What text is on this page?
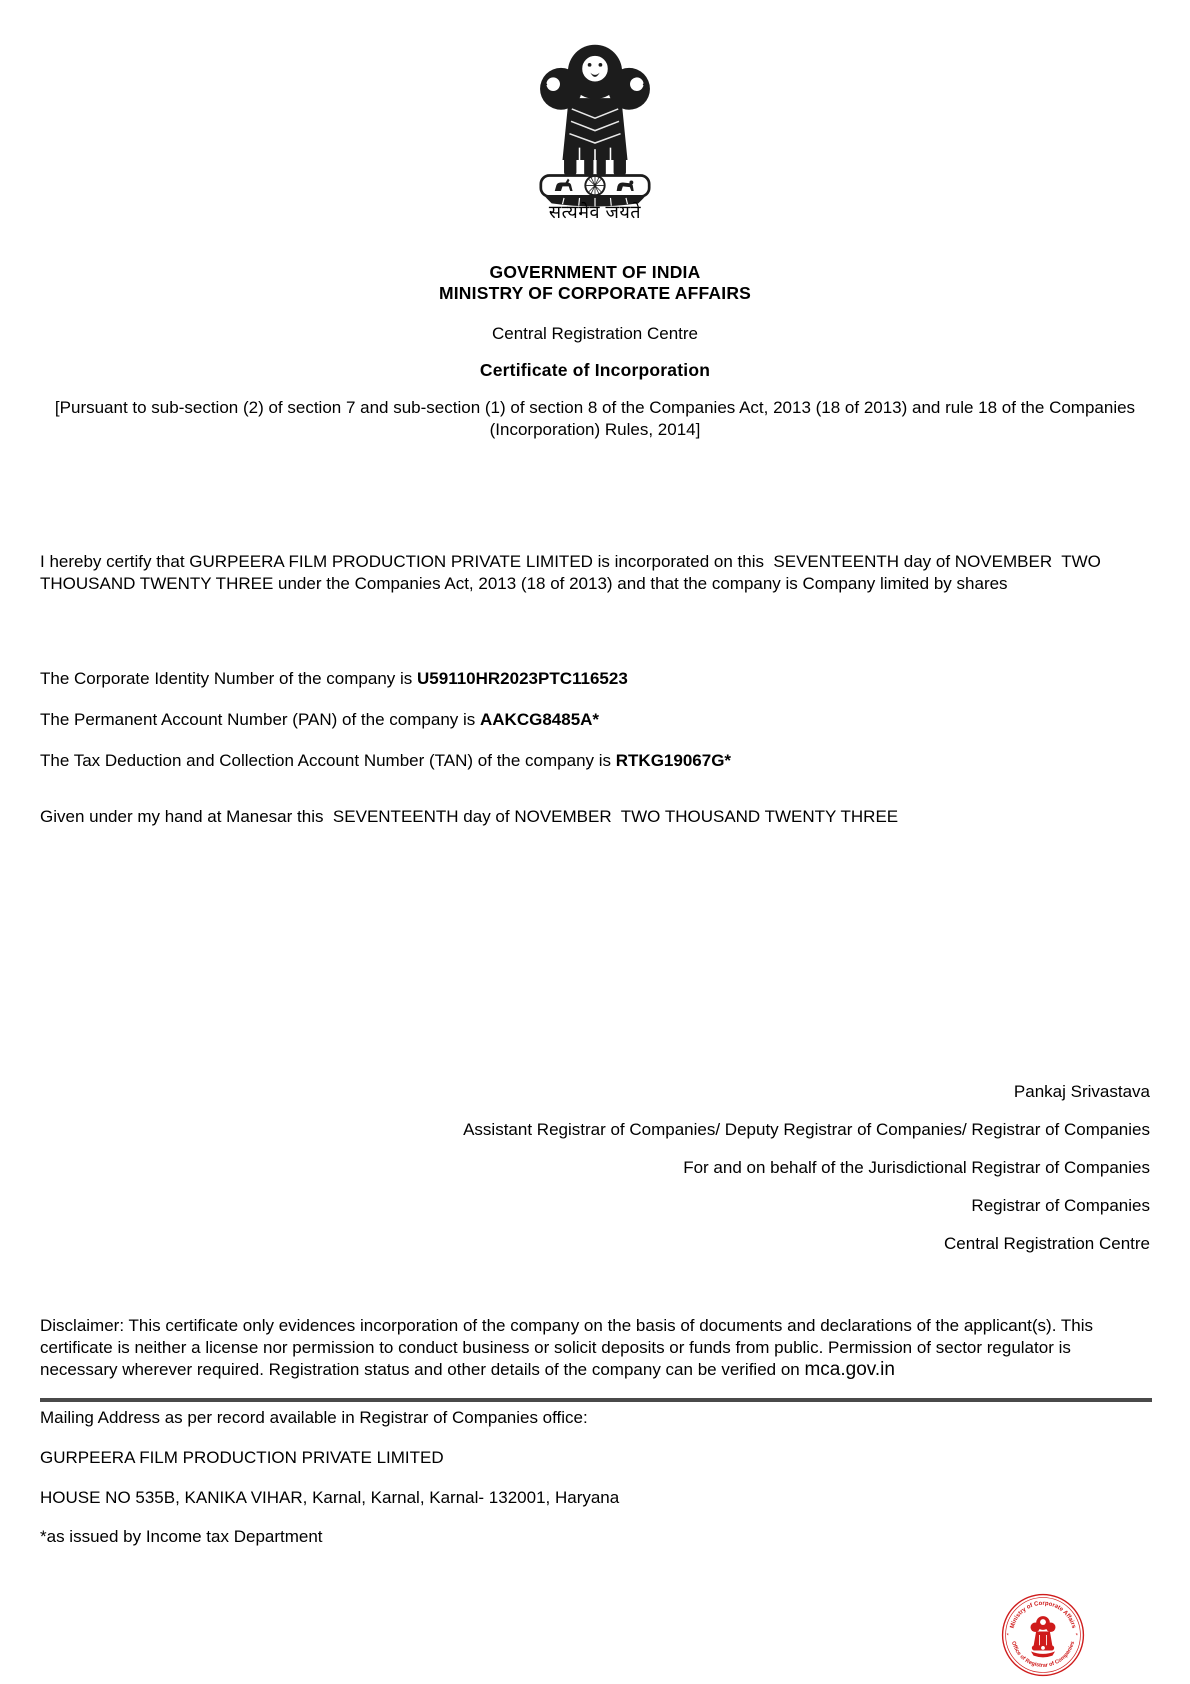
सत्यमेव जयते
GOVERNMENT OF INDIA
MINISTRY OF CORPORATE AFFAIRS
Central Registration Centre
Certificate of Incorporation
[Pursuant to sub-section (2) of section 7 and sub-section (1) of section 8 of the Companies Act, 2013 (18 of 2013) and rule 18 of the Companies (Incorporation) Rules, 2014]
I hereby certify that GURPEERA FILM PRODUCTION PRIVATE LIMITED is incorporated on this  SEVENTEENTH day of NOVEMBER  TWO THOUSAND TWENTY THREE under the Companies Act, 2013 (18 of 2013) and that the company is Company limited by shares
The Corporate Identity Number of the company is U59110HR2023PTC116523
The Permanent Account Number (PAN) of the company is AAKCG8485A*
The Tax Deduction and Collection Account Number (TAN) of the company is RTKG19067G*
Given under my hand at Manesar this  SEVENTEENTH day of NOVEMBER  TWO THOUSAND TWENTY THREE
Pankaj Srivastava
Assistant Registrar of Companies/ Deputy Registrar of Companies/ Registrar of Companies
For and on behalf of the Jurisdictional Registrar of Companies
Registrar of Companies
Central Registration Centre
Disclaimer: This certificate only evidences incorporation of the company on the basis of documents and declarations of the applicant(s). This certificate is neither a license nor permission to conduct business or solicit deposits or funds from public. Permission of sector regulator is necessary wherever required. Registration status and other details of the company can be verified on mca.gov.in
Mailing Address as per record available in Registrar of Companies office:
GURPEERA FILM PRODUCTION PRIVATE LIMITED
HOUSE NO 535B, KANIKA VIHAR, Karnal, Karnal, Karnal- 132001, Haryana
*as issued by Income tax Department
Ministry of Corporate Affairs
Office of Registrar of Companies
*	*
